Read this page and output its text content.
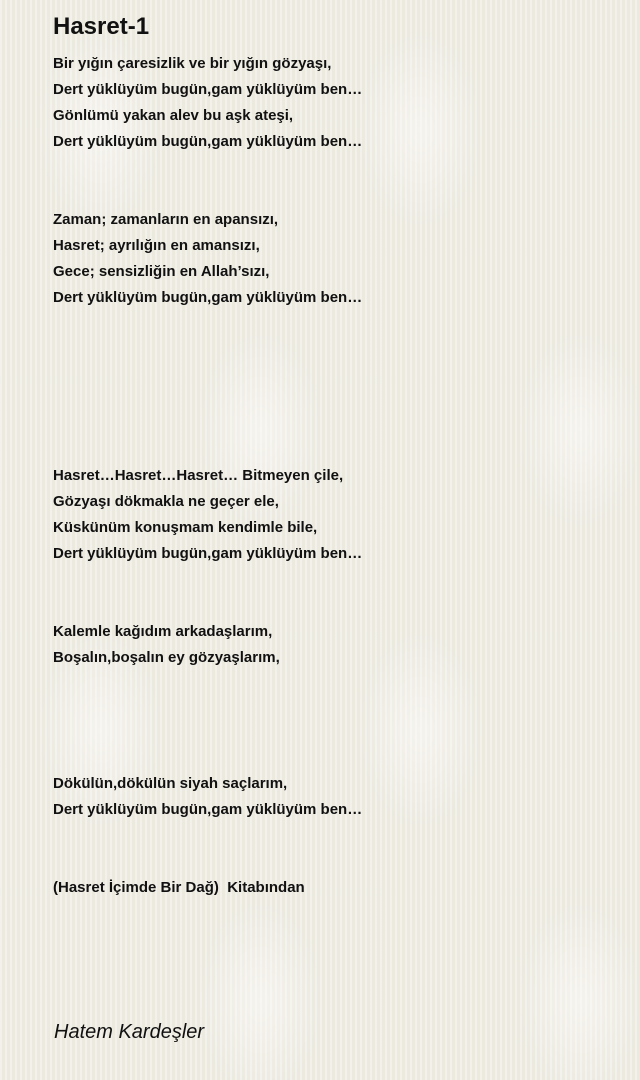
Hasret-1
Bir yığın çaresizlik ve bir yığın gözyaşı,
Dert yüklüyüm bugün,gam yüklüyüm ben…
Gönlümü yakan alev bu aşk ateşi,
Dert yüklüyüm bugün,gam yüklüyüm ben…
Zaman; zamanların en apansızı,
Hasret; ayrılığın en amansızı,
Gece; sensizliğin en Allah’sızı,
Dert yüklüyüm bugün,gam yüklüyüm ben…
Hasret…Hasret…Hasret… Bitmeyen çile,
Gözyaşı dökmakla ne geçer ele,
Küskünüm konuşmam kendimle bile,
Dert yüklüyüm bugün,gam yüklüyüm ben…
Kalemle kağıdım arkadaşlarım,
Boşalın,boşalın ey gözyaşlarım,
Dökülün,dökülün siyah saçlarım,
Dert yüklüyüm bugün,gam yüklüyüm ben…

(Hasret İçimde Bir Dağ)  Kitabından

Hatem Kardeşler
